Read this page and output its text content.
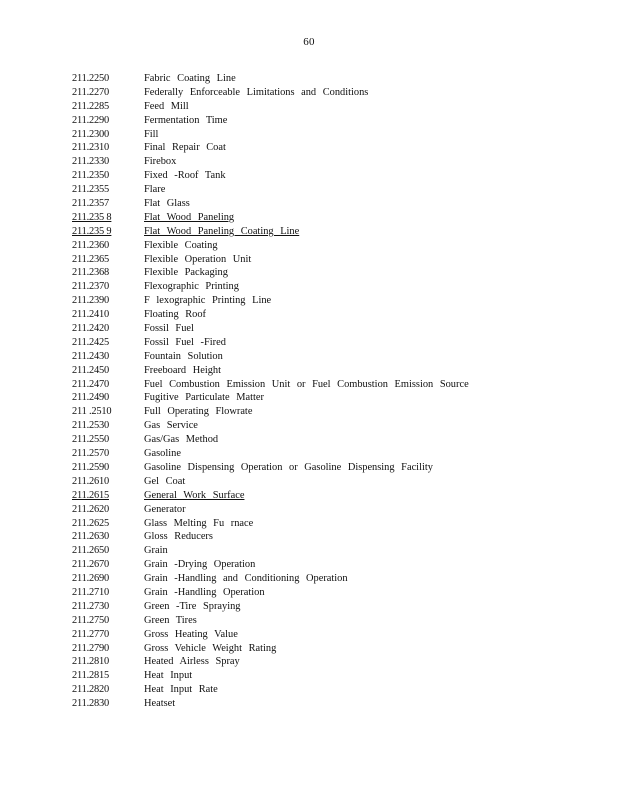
60
211.2250	Fabric Coating Line
211.2270	Federally Enforceable Limitations and Conditions
211.2285	Feed Mill
211.2290	Fermentation Time
211.2300	Fill
211.2310	Final Repair Coat
211.2330	Firebox
211.2350	Fixed -Roof Tank
211.2355	Flare
211.2357	Flat Glass
211.235 8	Flat Wood Paneling
211.235 9	Flat Wood Paneling Coating Line
211.2360	Flexible Coating
211.2365	Flexible Operation Unit
211.2368	Flexible Packaging
211.2370	Flexographic Printing
211.2390	F lexographic Printing Line
211.2410	Floating Roof
211.2420	Fossil Fuel
211.2425	Fossil Fuel -Fired
211.2430	Fountain Solution
211.2450	Freeboard Height
211.2470	Fuel Combustion Emission Unit or Fuel Combustion Emission Source
211.2490	Fugitive Particulate Matter
211 .2510	Full Operating Flowrate
211.2530	Gas Service
211.2550	Gas/Gas Method
211.2570	Gasoline
211.2590	Gasoline Dispensing Operation or Gasoline Dispensing Facility
211.2610	Gel Coat
211.2615	General Work Surface
211.2620	Generator
211.2625	Glass Melting Fu rnace
211.2630	Gloss Reducers
211.2650	Grain
211.2670	Grain -Drying Operation
211.2690	Grain -Handling and Conditioning Operation
211.2710	Grain -Handling Operation
211.2730	Green -Tire Spraying
211.2750	Green Tires
211.2770	Gross Heating Value
211.2790	Gross Vehicle Weight Rating
211.2810	Heated Airless Spray
211.2815	Heat Input
211.2820	Heat Input Rate
211.2830	Heatset
